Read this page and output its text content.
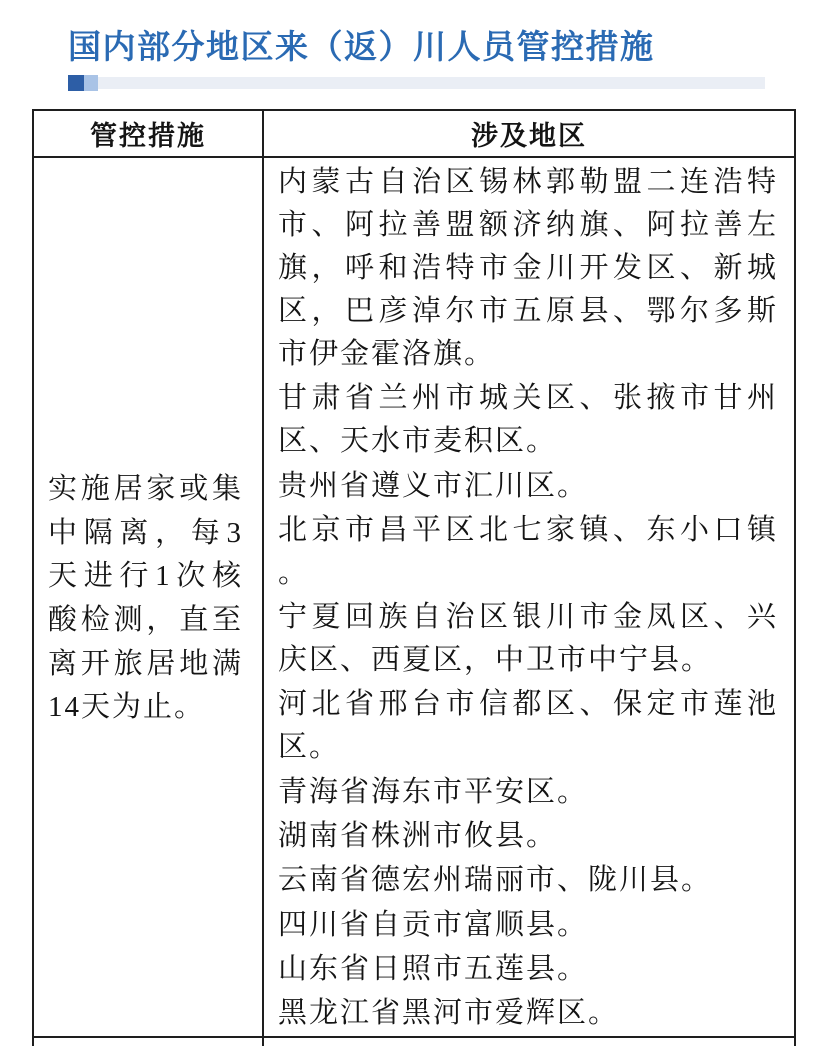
国内部分地区来（返）川人员管控措施
管控措施	涉及地区
实施居家或集
中隔离，每3
天进行1次核
酸检测，直至
离开旅居地满
14天为止。
内蒙古自治区锡林郭勒盟二连浩特
市、阿拉善盟额济纳旗、阿拉善左
旗，呼和浩特市金川开发区、新城
区，巴彦淖尔市五原县、鄂尔多斯
市伊金霍洛旗。
甘肃省兰州市城关区、张掖市甘州
区、天水市麦积区。
贵州省遵义市汇川区。
北京市昌平区北七家镇、东小口镇
。
宁夏回族自治区银川市金凤区、兴
庆区、西夏区，中卫市中宁县。
河北省邢台市信都区、保定市莲池
区。
青海省海东市平安区。
湖南省株洲市攸县。
云南省德宏州瑞丽市、陇川县。
四川省自贡市富顺县。
山东省日照市五莲县。
黑龙江省黑河市爱辉区。
